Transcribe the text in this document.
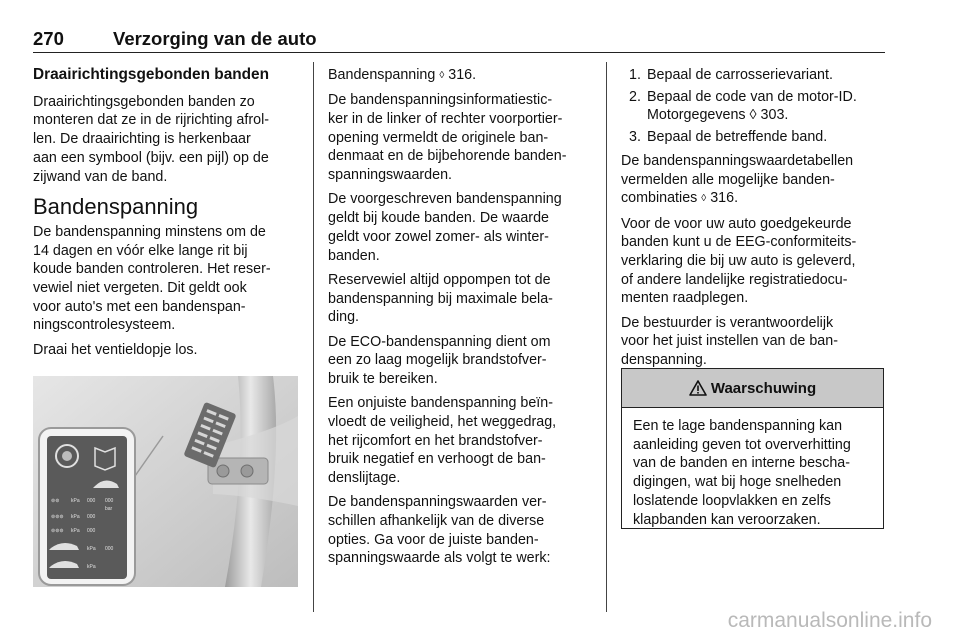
270	Verzorging van de auto
Draairichtingsgebonden banden

Draairichtingsgebonden banden zo
monteren dat ze in de rijrichting afrol-
len. De draairichting is herkenbaar
aan een symbool (bijv. een pijl) op de
zijwand van de band.

Bandenspanning

De bandenspanning minstens om de
14 dagen en vóór elke lange rit bij
koude banden controleren. Het reser-
vewiel niet vergeten. Dit geldt ook
voor auto's met een bandenspan-
ningscontrolesysteem.

Draai het ventieldopje los.

⊚⊚ kPa 000 000
bar
⊚⊚⊚ kPa 000
⊚⊚⊚ kPa 000
kPa 000
kPa

Bandenspanning ◊ 316.

De bandenspanningsinformatiestic-
ker in de linker of rechter voorportier-
opening vermeldt de originele ban-
denmaat en de bijbehorende banden-
spanningswaarden.

De voorgeschreven bandenspanning
geldt bij koude banden. De waarde
geldt voor zowel zomer- als winter-
banden.

Reservewiel altijd oppompen tot de
bandenspanning bij maximale bela-
ding.

De ECO-bandenspanning dient om
een zo laag mogelijk brandstofver-
bruik te bereiken.

Een onjuiste bandenspanning beïn-
vloedt de veiligheid, het weggedrag,
het rijcomfort en het brandstofver-
bruik negatief en verhoogt de ban-
denslijtage.

De bandenspanningswaarden ver-
schillen afhankelijk van de diverse
opties. Ga voor de juiste banden-
spanningswaarde als volgt te werk:

1. Bepaal de carrosserievariant.
2. Bepaal de code van de motor-ID.
Motorgegevens ◊ 303.
3. Bepaal de betreffende band.

De bandenspanningswaardetabellen
vermelden alle mogelijke banden-
combinaties ◊ 316.

Voor de voor uw auto goedgekeurde
banden kunt u de EEG-conformiteits-
verklaring die bij uw auto is geleverd,
of andere landelijke registratiedocu-
menten raadplegen.

De bestuurder is verantwoordelijk
voor het juist instellen van de ban-
denspanning.

Waarschuwing
Een te lage bandenspanning kan
aanleiding geven tot oververhitting
van de banden en interne bescha-
digingen, wat bij hoge snelheden
loslatende loopvlakken en zelfs
klapbanden kan veroorzaken.
carmanualsonline.info
